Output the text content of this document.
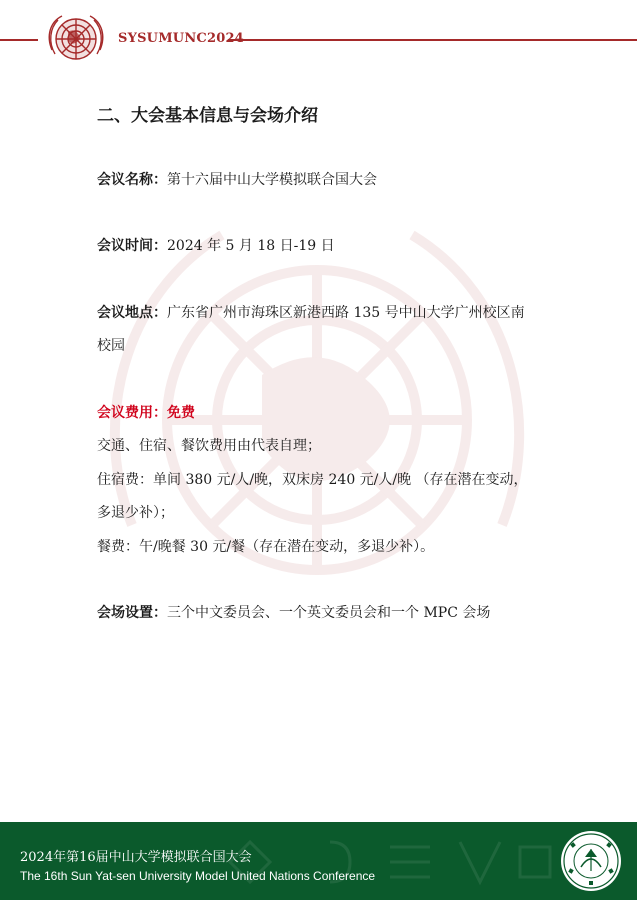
SYSUMUNC2024
二、大会基本信息与会场介绍
会议名称：第十六届中山大学模拟联合国大会
会议时间：2024 年 5 月 18 日-19 日
会议地点：广东省广州市海珠区新港西路 135 号中山大学广州校区南
校园
会议费用：免费
交通、住宿、餐饮费用由代表自理；
住宿费：单间 380 元/人/晚，双床房 240 元/人/晚 （存在潜在变动，
多退少补）；
餐费：午/晚餐 30 元/餐（存在潜在变动，多退少补）。
会场设置：三个中文委员会、一个英文委员会和一个 MPC 会场
2024年第16届中山大学模拟联合国大会
The 16th Sun Yat-sen University Model United Nations Conference
